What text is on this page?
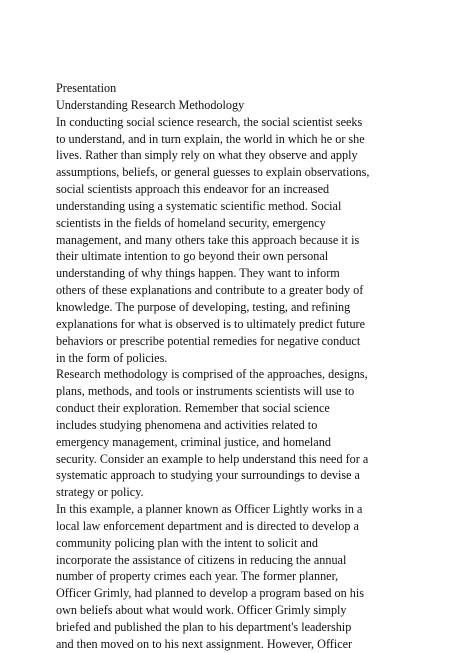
Presentation
Understanding Research Methodology
In conducting social science research, the social scientist seeks
to understand, and in turn explain, the world in which he or she
lives. Rather than simply rely on what they observe and apply
assumptions, beliefs, or general guesses to explain observations,
social scientists approach this endeavor for an increased
understanding using a systematic scientific method. Social
scientists in the fields of homeland security, emergency
management, and many others take this approach because it is
their ultimate intention to go beyond their own personal
understanding of why things happen. They want to inform
others of these explanations and contribute to a greater body of
knowledge. The purpose of developing, testing, and refining
explanations for what is observed is to ultimately predict future
behaviors or prescribe potential remedies for negative conduct
in the form of policies.
Research methodology is comprised of the approaches, designs,
plans, methods, and tools or instruments scientists will use to
conduct their exploration. Remember that social science
includes studying phenomena and activities related to
emergency management, criminal justice, and homeland
security. Consider an example to help understand this need for a
systematic approach to studying your surroundings to devise a
strategy or policy.
In this example, a planner known as Officer Lightly works in a
local law enforcement department and is directed to develop a
community policing plan with the intent to solicit and
incorporate the assistance of citizens in reducing the annual
number of property crimes each year. The former planner,
Officer Grimly, had planned to develop a program based on his
own beliefs about what would work. Officer Grimly simply
briefed and published the plan to his department's leadership
and then moved on to his next assignment. However, Officer
